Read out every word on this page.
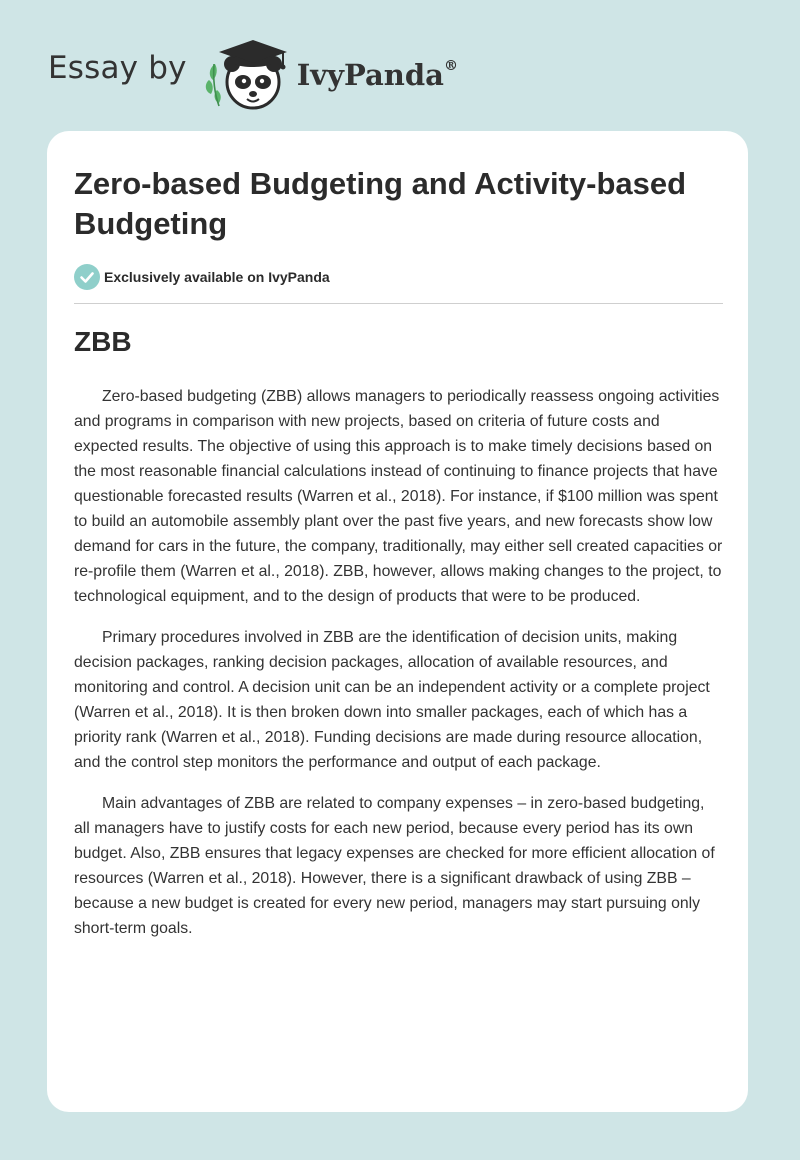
Essay by	IvyPanda®
Zero-based Budgeting and Activity-based Budgeting
Exclusively available on IvyPanda
ZBB

Zero-based budgeting (ZBB) allows managers to periodically reassess ongoing activities and programs in comparison with new projects, based on criteria of future costs and expected results. The objective of using this approach is to make timely decisions based on the most reasonable financial calculations instead of continuing to finance projects that have questionable forecasted results (Warren et al., 2018). For instance, if $100 million was spent to build an automobile assembly plant over the past five years, and new forecasts show low demand for cars in the future, the company, traditionally, may either sell created capacities or re-profile them (Warren et al., 2018). ZBB, however, allows making changes to the project, to technological equipment, and to the design of products that were to be produced.

Primary procedures involved in ZBB are the identification of decision units, making decision packages, ranking decision packages, allocation of available resources, and monitoring and control. A decision unit can be an independent activity or a complete project (Warren et al., 2018). It is then broken down into smaller packages, each of which has a priority rank (Warren et al., 2018). Funding decisions are made during resource allocation, and the control step monitors the performance and output of each package.

Main advantages of ZBB are related to company expenses – in zero-based budgeting, all managers have to justify costs for each new period, because every period has its own budget. Also, ZBB ensures that legacy expenses are checked for more efficient allocation of resources (Warren et al., 2018). However, there is a significant drawback of using ZBB – because a new budget is created for every new period, managers may start pursuing only short-term goals.
